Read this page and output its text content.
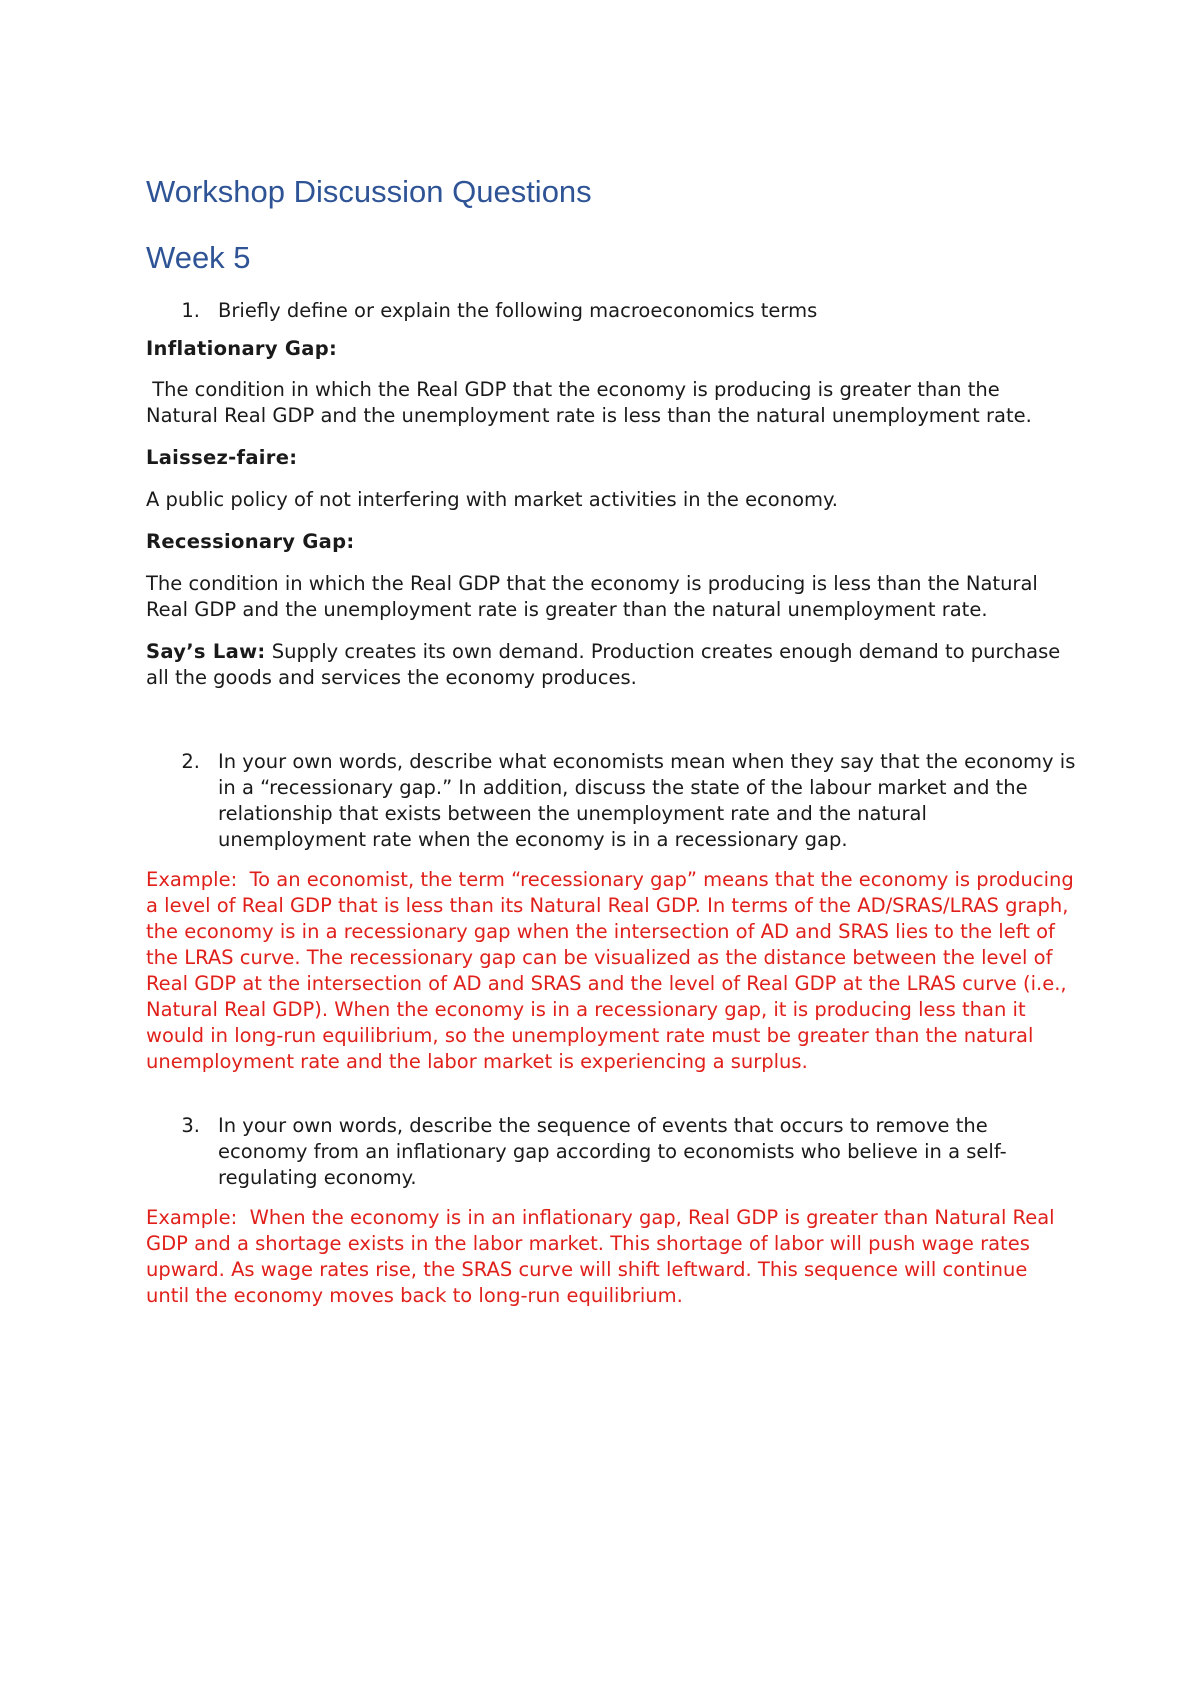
Workshop Discussion Questions
Week 5
1. Briefly define or explain the following macroeconomics terms

Inflationary Gap:

The condition in which the Real GDP that the economy is producing is greater than the Natural Real GDP and the unemployment rate is less than the natural unemployment rate.

Laissez-faire:

A public policy of not interfering with market activities in the economy.

Recessionary Gap:

The condition in which the Real GDP that the economy is producing is less than the Natural Real GDP and the unemployment rate is greater than the natural unemployment rate.

Say’s Law: Supply creates its own demand. Production creates enough demand to purchase all the goods and services the economy produces.

2. In your own words, describe what economists mean when they say that the economy is in a “recessionary gap.” In addition, discuss the state of the labour market and the relationship that exists between the unemployment rate and the natural unemployment rate when the economy is in a recessionary gap.

Example:  To an economist, the term “recessionary gap” means that the economy is producing a level of Real GDP that is less than its Natural Real GDP. In terms of the AD/SRAS/LRAS graph, the economy is in a recessionary gap when the intersection of AD and SRAS lies to the left of the LRAS curve. The recessionary gap can be visualized as the distance between the level of Real GDP at the intersection of AD and SRAS and the level of Real GDP at the LRAS curve (i.e., Natural Real GDP). When the economy is in a recessionary gap, it is producing less than it would in long-run equilibrium, so the unemployment rate must be greater than the natural unemployment rate and the labor market is experiencing a surplus.

3. In your own words, describe the sequence of events that occurs to remove the economy from an inflationary gap according to economists who believe in a self-regulating economy.

Example:  When the economy is in an inflationary gap, Real GDP is greater than Natural Real GDP and a shortage exists in the labor market. This shortage of labor will push wage rates upward. As wage rates rise, the SRAS curve will shift leftward. This sequence will continue until the economy moves back to long-run equilibrium.
